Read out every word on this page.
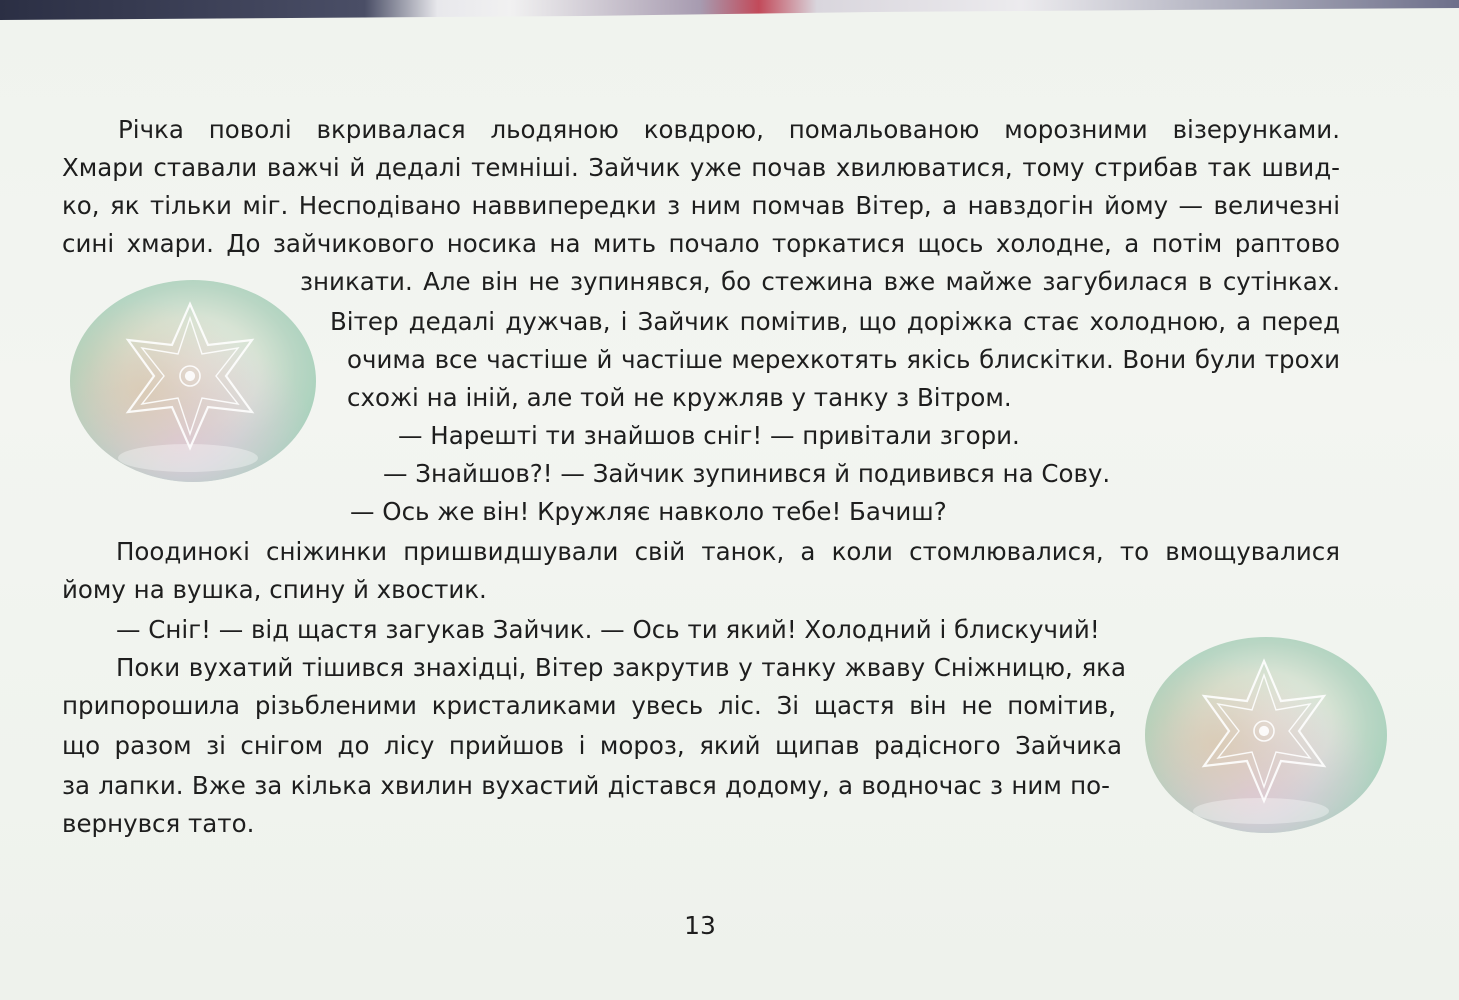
Річка поволі вкривалася льодяною ковдрою, помальованою морозними візерунками.
Хмари ставали важчі й дедалі темніші. Зайчик уже почав хвилюватися, тому стрибав так швид-
ко, як тільки міг. Несподівано наввипередки з ним помчав Вітер, а навздогін йому — величезні
сині хмари. До зайчикового носика на мить почало торкатися щось холодне, а потім раптово
зникати. Але він не зупинявся, бо стежина вже майже загубилася в сутінках.
Вітер дедалі дужчав, і Зайчик помітив, що доріжка стає холодною, а перед
очима все частіше й частіше мерехкотять якісь блискітки. Вони були трохи
схожі на іній, але той не кружляв у танку з Вітром.
— Нарешті ти знайшов сніг! — привітали згори.
— Знайшов?! — Зайчик зупинився й подивився на Сову.
— Ось же він! Кружляє навколо тебе! Бачиш?
Поодинокі сніжинки пришвидшували свій танок, а коли стомлювалися, то вмощувалися
йому на вушка, спину й хвостик.
— Сніг! — від щастя загукав Зайчик. — Ось ти який! Холодний і блискучий!
Поки вухатий тішився знахідці, Вітер закрутив у танку жваву Сніжницю, яка
припорошила різьбленими кристаликами увесь ліс. Зі щастя він не помітив,
що разом зі снігом до лісу прийшов і мороз, який щипав радісного Зайчика
за лапки. Вже за кілька хвилин вухастий дістався додому, а водночас з ним по-
вернувся тато.
13
